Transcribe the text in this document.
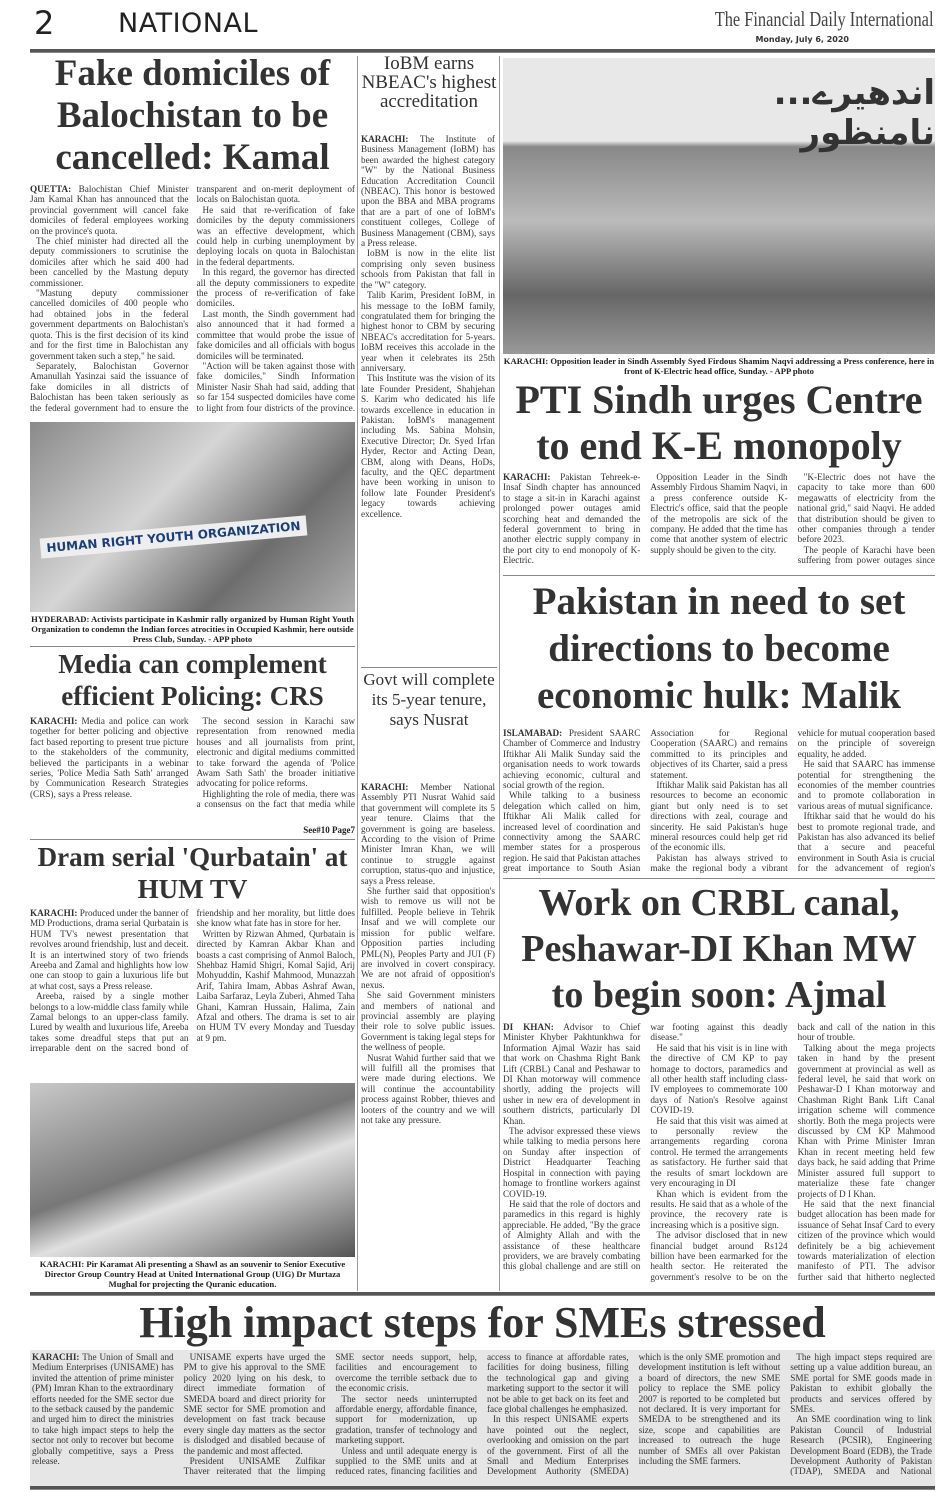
2 NATIONAL	The Financial Daily International
Monday, July 6, 2020
Fake domiciles of Balochistan to be cancelled: Kamal

QUETTA: Balochistan Chief Minister Jam Kamal Khan has announced that the provincial government will cancel fake domiciles of federal employees working on the province's quota.

The chief minister had directed all the deputy commissioners to scrutinise the domiciles after which he said 400 had been cancelled by the Mastung deputy commissioner.

"Mastung deputy commissioner cancelled domiciles of 400 people who had obtained jobs in the federal government departments on Balochistan's quota. This is the first decision of its kind and for the first time in Balochistan any government taken such a step," he said.

Separately, Balochistan Governor Amanullah Yasinzai said the issuance of fake domiciles in all districts of Balochistan has been taken seriously as the federal government had to ensure the transparent and on-merit deployment of locals on Balochistan quota.

He said that re-verification of fake domiciles by the deputy commissioners was an effective development, which could help in curbing unemployment by deploying locals on quota in Balochistan in the federal departments.

In this regard, the governor has directed all the deputy commissioners to expedite the process of re-verification of fake domiciles.

Last month, the Sindh government had also announced that it had formed a committee that would probe the issue of fake domiciles and all officials with bogus domiciles will be terminated.

"Action will be taken against those with fake domiciles," Sindh Information Minister Nasir Shah had said, adding that so far 154 suspected domiciles have come to light from four districts of the province.

HUMAN RIGHT YOUTH ORGANIZATION
HYDERABAD: Activists participate in Kashmir rally organized by Human Right Youth Organization to condemn the Indian forces atrocities in Occupied Kashmir, here outside Press Club, Sunday. - APP photo
Media can complement efficient Policing: CRS

KARACHI: Media and police can work together for better policing and objective fact based reporting to present true picture to the stakeholders of the community, believed the participants in a webinar series, 'Police Media Sath Sath' arranged by Communication Research Strategies (CRS), says a Press release.

The second session in Karachi saw representation from renowned media houses and all journalists from print, electronic and digital mediums committed to take forward the agenda of 'Police Awam Sath Sath' the broader initiative advocating for police reforms.

Highlighting the role of media, there was a consensus on the fact that media while

See#10 Page7
Dram serial 'Qurbatain' at HUM TV

KARACHI: Produced under the banner of MD Productions, drama serial Qurbatain is HUM TV's newest presentation that revolves around friendship, lust and deceit. It is an intertwined story of two friends Areeba and Zamal and highlights how low one can stoop to gain a luxurious life but at what cost, says a Press release.

Areeba, raised by a single mother belongs to a low-middle class family while Zamal belongs to an upper-class family. Lured by wealth and luxurious life, Areeba takes some dreadful steps that put an irreparable dent on the sacred bond of friendship and her morality, but little does she know what fate has in store for her.

Written by Rizwan Ahmed, Qurbatain is directed by Kamran Akbar Khan and boasts a cast comprising of Anmol Baloch, Shehbaz Hamid Shigri, Komal Sajid, Arij Mohyuddin, Kashif Mahmood, Munazzah Arif, Tahira Imam, Abbas Ashraf Awan, Laiba Sarfaraz, Leyla Zuberi, Ahmed Taha Ghani, Kamran Hussain, Halima, Zain Afzal and others. The drama is set to air on HUM TV every Monday and Tuesday at 9 pm.

KARACHI: Pir Karamat Ali presenting a Shawl as an souvenir to Senior Executive Director Group Country Head at United International Group (UIG) Dr Murtaza Mughal for projecting the Quranic education.
IoBM earns NBEAC's highest accreditation

KARACHI: The Institute of Business Management (IoBM) has been awarded the highest category "W" by the National Business Education Accreditation Council (NBEAC). This honor is bestowed upon the BBA and MBA programs that are a part of one of IoBM's constituent colleges, College of Business Management (CBM), says a Press release.

IoBM is now in the elite list comprising only seven business schools from Pakistan that fall in the "W" category.

Talib Karim, President IoBM, in his message to the IoBM family, congratulated them for bringing the highest honor to CBM by securing NBEAC's accreditation for 5-years. IoBM receives this accolade in the year when it celebrates its 25th anniversary.

This Institute was the vision of its late Founder President, Shahjehan S. Karim who dedicated his life towards excellence in education in Pakistan. IoBM's management including Ms. Sabina Mohsin, Executive Director; Dr. Syed Irfan Hyder, Rector and Acting Dean, CBM, along with Deans, HoDs, faculty, and the QEC department have been working in unison to follow late Founder President's legacy towards achieving excellence.

Govt will complete its 5-year tenure, says Nusrat

KARACHI: Member National Assembly PTI Nusrat Wahid said that government will complete its 5 year tenure. Claims that the government is going are baseless. According to the vision of Prime Minister Imran Khan, we will continue to struggle against corruption, status-quo and injustice, says a Press release.

She further said that opposition's wish to remove us will not be fulfilled. People believe in Tehrik Insaf and we will complete our mission for public welfare. Opposition parties including PML(N), Peoples Party and JUI (F) are involved in covert conspiracy. We are not afraid of opposition's nexus.

She said Government ministers and members of national and provincial assembly are playing their role to solve public issues. Government is taking legal steps for the wellness of people.

Nusrat Wahid further said that we will fulfill all the promises that were made during elections. We will continue the accountability process against Robber, thieves and looters of the country and we will not take any pressure.

اندھیرے... نامنظور
KARACHI: Opposition leader in Sindh Assembly Syed Firdous Shamim Naqvi addressing a Press conference, here in front of K-Electric head office, Sunday. - APP photo
PTI Sindh urges Centre to end K-E monopoly

KARACHI: Pakistan Tehreek-e-Insaf Sindh chapter has announced to stage a sit-in in Karachi against prolonged power outages amid scorching heat and demanded the federal government to bring in another electric supply company in the port city to end monopoly of K-Electric.

Opposition Leader in the Sindh Assembly Firdous Shamim Naqvi, in a press conference outside K-Electric's office, said that the people of the metropolis are sick of the company. He added that the time has come that another system of electric supply should be given to the city.

"K-Electric does not have the capacity to take more than 600 megawatts of electricity from the national grid," said Naqvi. He added that distribution should be given to other companies through a tender before 2023.

The people of Karachi have been suffering from power outages since

Pakistan in need to set directions to become economic hulk: Malik

ISLAMABAD: President SAARC Chamber of Commerce and Industry Iftikhar Ali Malik Sunday said the organisation needs to work towards achieving economic, cultural and social growth of the region.

While talking to a business delegation which called on him, Iftikhar Ali Malik called for increased level of coordination and connectivity among the SAARC member states for a prosperous region. He said that Pakistan attaches great importance to South Asian Association for Regional Cooperation (SAARC) and remains committed to its principles and objectives of its Charter, said a press statement.

Iftikhar Malik said Pakistan has all resources to become an economic giant but only need is to set directions with zeal, courage and sincerity. He said Pakistan's huge mineral resources could help get rid of the economic ills.

Pakistan has always strived to make the regional body a vibrant vehicle for mutual cooperation based on the principle of sovereign equality, he added.

He said that SAARC has immense potential for strengthening the economies of the member countries and to promote collaboration in various areas of mutual significance.

Iftikhar said that he would do his best to promote regional trade, and Pakistan has also advanced its belief that a secure and peaceful environment in South Asia is crucial for the advancement of region's

Work on CRBL canal, Peshawar-DI Khan MW to begin soon: Ajmal

DI KHAN: Advisor to Chief Minister Khyber Pakhtunkhwa for Information Ajmal Wazir has said that work on Chashma Right Bank Lift (CRBL) Canal and Peshawar to DI Khan motorway will commence shortly, adding the projects will usher in new era of development in southern districts, particularly DI Khan.

The advisor expressed these views while talking to media persons here on Sunday after inspection of District Headquarter Teaching Hospital in connection with paying homage to frontline workers against COVID-19.

He said that the role of doctors and paramedics in this regard is highly appreciable. He added, "By the grace of Almighty Allah and with the assistance of these healthcare providers, we are bravely combating this global challenge and are still on war footing against this deadly disease."

He said that his visit is in line with the directive of CM KP to pay homage to doctors, paramedics and all other health staff including class-IV employees to commemorate 100 days of Nation's Resolve against COVID-19.

He said that this visit was aimed at to personally review the arrangements regarding corona control. He termed the arrangements as satisfactory. He further said that the results of smart lockdown are very encouraging in DI

Khan which is evident from the results. He said that as a whole of the province, the recovery rate is increasing which is a positive sign.

The advisor disclosed that in new financial budget around Rs124 billion have been earmarked for the health sector. He reiterated the government's resolve to be on the back and call of the nation in this hour of trouble.

Talking about the mega projects taken in hand by the present government at provincial as well as federal level, he said that work on Peshawar-D I Khan motorway and Chashman Right Bank Lift Canal irrigation scheme will commence shortly. Both the mega projects were discussed by CM KP Mahmood Khan with Prime Minister Imran Khan in recent meeting held few days back, he said adding that Prime Minister assured full support to materialize these fate changer projects of D I Khan.

He said that the next financial budget allocation has been made for issuance of Sehat Insaf Card to every citizen of the province which would definitely be a big achievement towards materialization of election manifesto of PTI. The advisor further said that hitherto neglected

High impact steps for SMEs stressed

KARACHI: The Union of Small and Medium Enterprises (UNISAME) has invited the attention of prime minister (PM) Imran Khan to the extraordinary efforts needed for the SME sector due to the setback caused by the pandemic and urged him to direct the ministries to take high impact steps to help the sector not only to recover but become globally competitive, says a Press release.

UNISAME experts have urged the PM to give his approval to the SME policy 2020 lying on his desk, to direct immediate formation of SMEDA board and direct priority for SME sector for SME promotion and development on fast track because every single day matters as the sector is dislodged and disabled because of the pandemic and most affected.

President UNISAME Zulfikar Thaver reiterated that the limping SME sector needs support, help, facilities and encouragement to overcome the terrible setback due to the economic crisis.

The sector needs uninterrupted affordable energy, affordable finance, support for modernization, up gradation, transfer of technology and marketing support.

Unless and until adequate energy is supplied to the SME units and at reduced rates, financing facilities and access to finance at affordable rates, facilities for doing business, filling the technological gap and giving marketing support to the sector it will not be able to get back on its feet and face global challenges he emphasized.

In this respect UNISAME experts have pointed out the neglect, overlooking and omission on the part of the government. First of all the Small and Medium Enterprises Development Authority (SMEDA) which is the only SME promotion and development institution is left without a board of directors, the new SME policy to replace the SME policy 2007 is reported to be completed but not declared. It is very important for SMEDA to be strengthened and its size, scope and capabilities are increased to outreach the huge number of SMEs all over Pakistan including the SME farmers.

The high impact steps required are setting up a value addition bureau, an SME portal for SME goods made in Pakistan to exhibit globally the products and services offered by SMEs.

An SME coordination wing to link Pakistan Council of Industrial Research (PCSIR), Engineering Development Board (EDB), the Trade Development Authority of Pakistan (TDAP), SMEDA and National
